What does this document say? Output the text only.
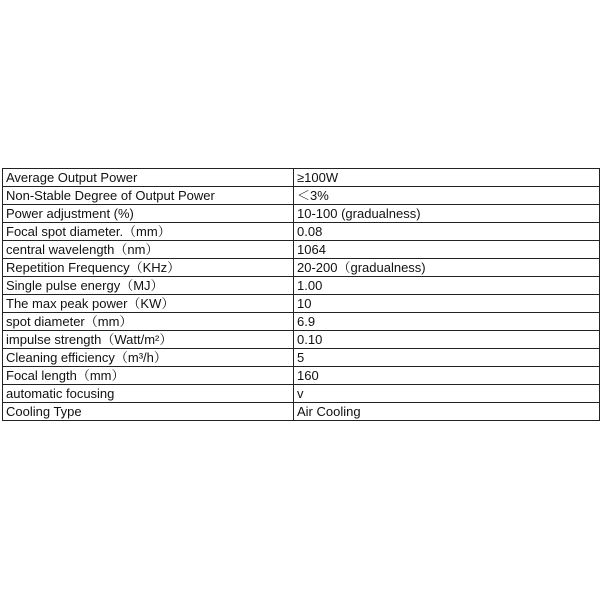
Average Output Power	≥100W
Non-Stable Degree of Output Power	＜3%
Power adjustment (%)	10-100 (gradualness)
Focal spot diameter.（mm）	0.08
central wavelength（nm）	1064
Repetition Frequency（KHz）	20-200（gradualness)
Single pulse energy（MJ）	1.00
The max peak power（KW）	10
spot diameter（mm）	6.9
impulse strength（Watt/m²）	0.10
Cleaning efficiency（m³/h）	5
Focal length（mm）	160
automatic focusing	v
Cooling Type	Air Cooling
